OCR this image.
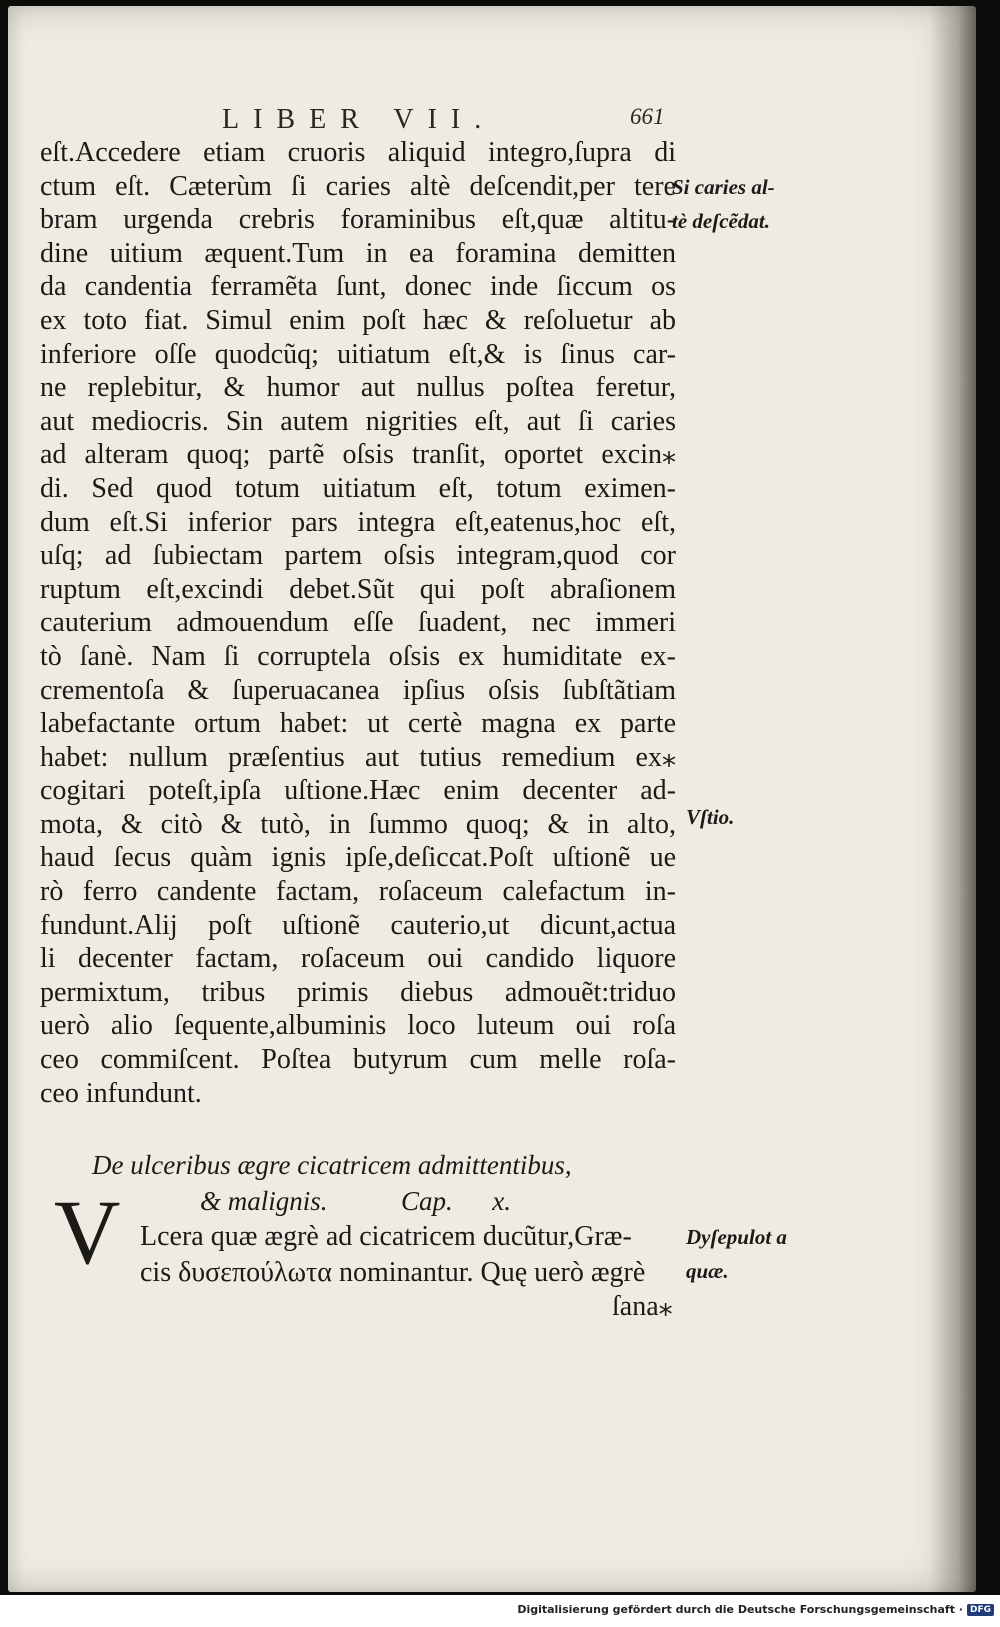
LIBER VII.	661
eſt.Accedere etiam cruoris aliquid integro,ſupra di
ctum eſt. Cæterùm ſi caries altè deſcendit,per tere
bram urgenda crebris foraminibus eſt,quæ altitu-
dine uitium æquent.Tum in ea foramina demitten
da candentia ferramẽta ſunt, donec inde ſiccum os
ex toto fiat. Simul enim poſt hæc & reſoluetur ab
inferiore oſſe quodcũq; uitiatum eſt,& is ſinus car-
ne replebitur, & humor aut nullus poſtea feretur,
aut mediocris. Sin autem nigrities eſt, aut ſi caries
ad alteram quoq; partẽ oſsis tranſit, oportet excin⁎
di. Sed quod totum uitiatum eſt, totum eximen-
dum eſt.Si inferior pars integra eſt,eatenus,hoc eſt,
uſq; ad ſubiectam partem oſsis integram,quod cor
ruptum eſt,excindi debet.Sũt qui poſt abraſionem
cauterium admouendum eſſe ſuadent, nec immeri
tò ſanè. Nam ſi corruptela oſsis ex humiditate ex-
crementoſa & ſuperuacanea ipſius oſsis ſubſtãtiam
labefactante ortum habet: ut certè magna ex parte
habet: nullum præſentius aut tutius remedium ex⁎
cogitari poteſt,ipſa uſtione.Hæc enim decenter ad-
mota, & citò & tutò, in ſummo quoq; & in alto,
haud ſecus quàm ignis ipſe,deſiccat.Poſt uſtionẽ ue
rò ferro candente factam, roſaceum calefactum in-
fundunt.Alij poſt uſtionẽ cauterio,ut dicunt,actua
li decenter factam, roſaceum oui candido liquore
permixtum, tribus primis diebus admouẽt:triduo
uerò alio ſequente,albuminis loco luteum oui roſa
ceo commiſcent. Poſtea butyrum cum melle roſa-
ceo infundunt.
Si caries al-
tè deſcẽdat.
Vſtio.
De ulceribus ægre cicatricem admittentibus,
& malignis.	Cap. x.
V Lcera quæ ægrè ad cicatricem ducũtur,Græ-
cis δυσεπούλωτα nominantur. Quę uerò ægrè
ſana⁎
Dyſepulot a
quæ.
Digitalisierung gefördert durch die Deutsche Forschungsgemeinschaft · DFG
